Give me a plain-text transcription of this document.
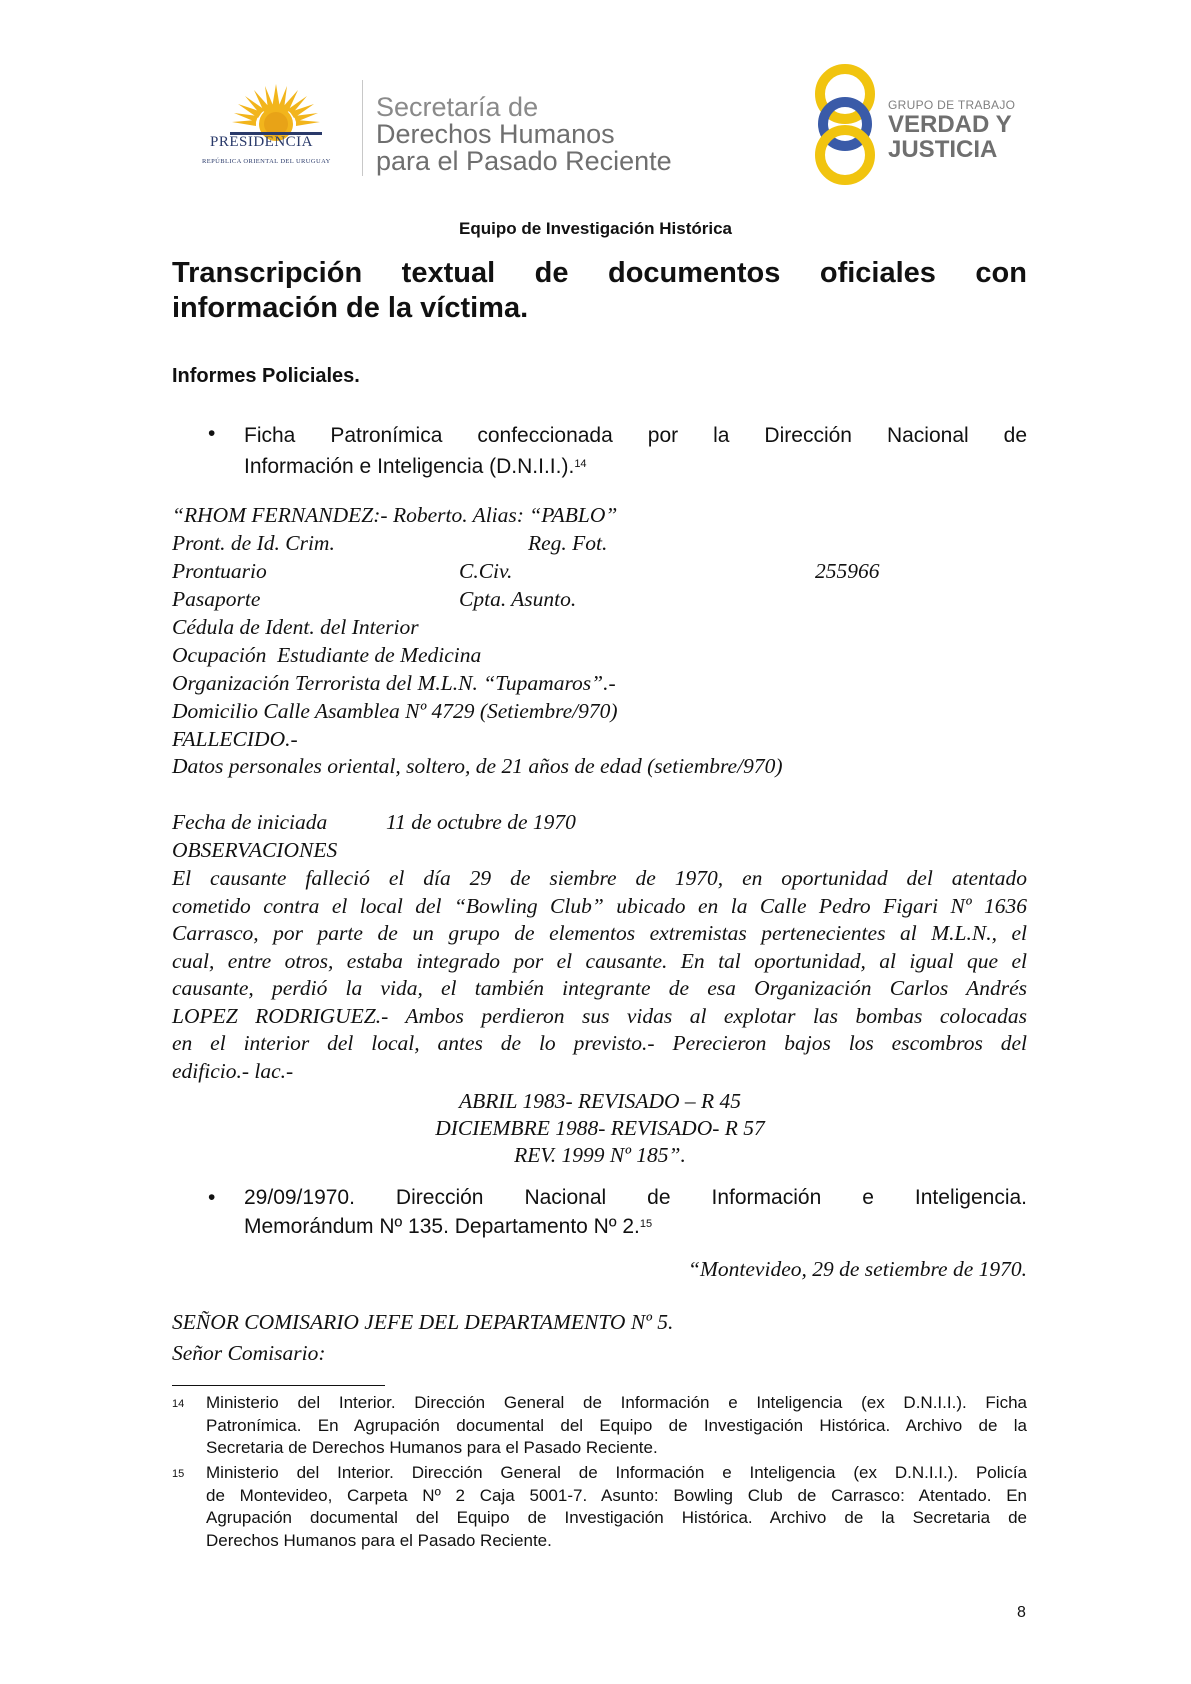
PRESIDENCIA
REPÚBLICA ORIENTAL DEL URUGUAY
Secretaría de
Derechos Humanos
para el Pasado Reciente
GRUPO DE TRABAJO
VERDAD Y
JUSTICIA
Equipo de Investigación Histórica
Transcripción textual de documentos oficiales con
información de la víctima.
Informes Policiales.
• Ficha Patronímica confeccionada por la Dirección Nacional de
Información e Inteligencia (D.N.I.I.).$^{14}$
“RHOM FERNANDEZ:- Roberto. Alias: “PABLO”
Pront. de Id. Crim.	Reg. Fot.
Prontuario	C.Civ.	255966
Pasaporte	Cpta. Asunto.
Cédula de Ident. del Interior
Ocupación  Estudiante de Medicina
Organización Terrorista del M.L.N. “Tupamaros”.-
Domicilio Calle Asamblea Nº 4729 (Setiembre/970)
FALLECIDO.-
Datos personales oriental, soltero, de 21 años de edad (setiembre/970)
Fecha de iniciada	11 de octubre de 1970
OBSERVACIONES
El causante falleció el día 29 de siembre de 1970, en oportunidad del atentado
cometido contra el local del “Bowling Club” ubicado en la Calle Pedro Figari Nº 1636
Carrasco, por parte de un grupo de elementos extremistas pertenecientes al M.L.N., el
cual, entre otros, estaba integrado por el causante. En tal oportunidad, al igual que el
causante, perdió la vida, el también integrante de esa Organización Carlos Andrés
LOPEZ RODRIGUEZ.- Ambos perdieron sus vidas al explotar las bombas colocadas
en el interior del local, antes de lo previsto.- Perecieron bajos los escombros del
edificio.- lac.-
ABRIL 1983- REVISADO – R 45
DICIEMBRE 1988- REVISADO- R 57
REV. 1999 Nº 185”.
• 29/09/1970. Dirección Nacional de Información e Inteligencia.
Memorándum Nº 135. Departamento Nº 2.15
“Montevideo, 29 de setiembre de 1970.
SEÑOR COMISARIO JEFE DEL DEPARTAMENTO Nº 5.
Señor Comisario:
14 Ministerio del Interior. Dirección General de Información e Inteligencia (ex D.N.I.I.). Ficha
Patronímica. En Agrupación documental del Equipo de Investigación Histórica. Archivo de la
Secretaria de Derechos Humanos para el Pasado Reciente.
15 Ministerio del Interior. Dirección General de Información e Inteligencia (ex D.N.I.I.). Policía
de Montevideo, Carpeta Nº 2 Caja 5001-7. Asunto: Bowling Club de Carrasco: Atentado. En
Agrupación documental del Equipo de Investigación Histórica. Archivo de la Secretaria de
Derechos Humanos para el Pasado Reciente.
8
